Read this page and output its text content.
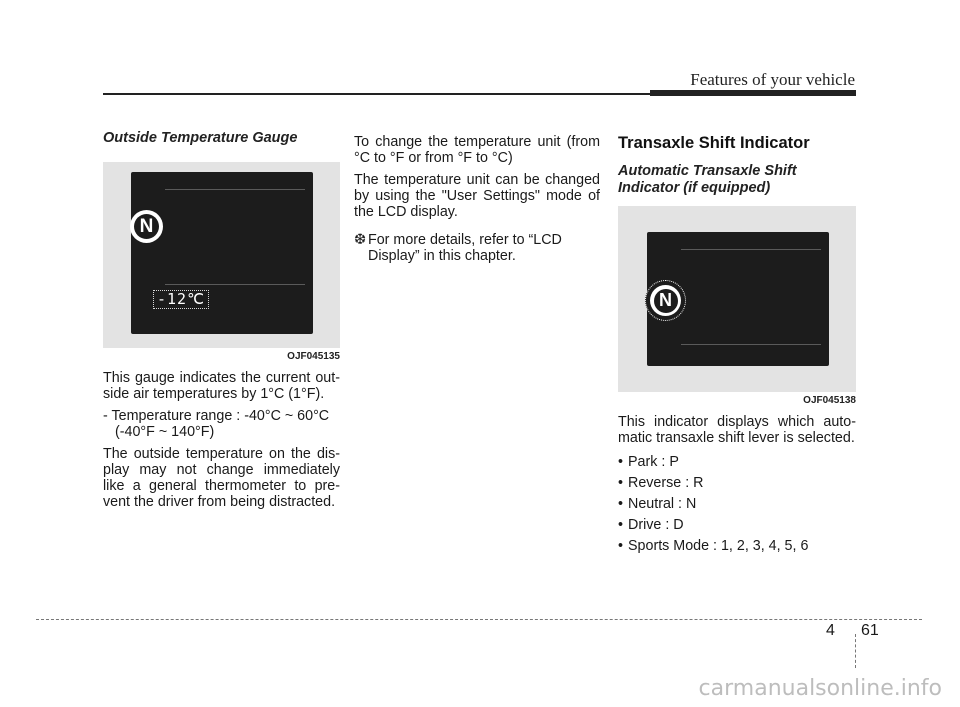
Features of your vehicle
Outside Temperature Gauge
-12℃
N
OJF045135

This gauge indicates the current out-side air temperatures by 1°C (1°F).

- Temperature range : -40°C ~ 60°C

(-40°F ~ 140°F)

The outside temperature on the dis-play may not change immediately like a general thermometer to pre-vent the driver from being distracted.

To change the temperature unit (from °C to °F or from °F to °C)

The temperature unit can be changed by using the "User Settings" mode of the LCD display.

❆ For more details, refer to “LCD Display” in this chapter.
Transaxle Shift Indicator
Automatic Transaxle Shift Indicator (if equipped)
N
OJF045138

This indicator displays which auto-matic transaxle shift lever is selected.

• Park : P
• Reverse : R
• Neutral : N
• Drive : D
• Sports Mode : 1, 2, 3, 4, 5, 6
4 61
carmanualsonline.info
